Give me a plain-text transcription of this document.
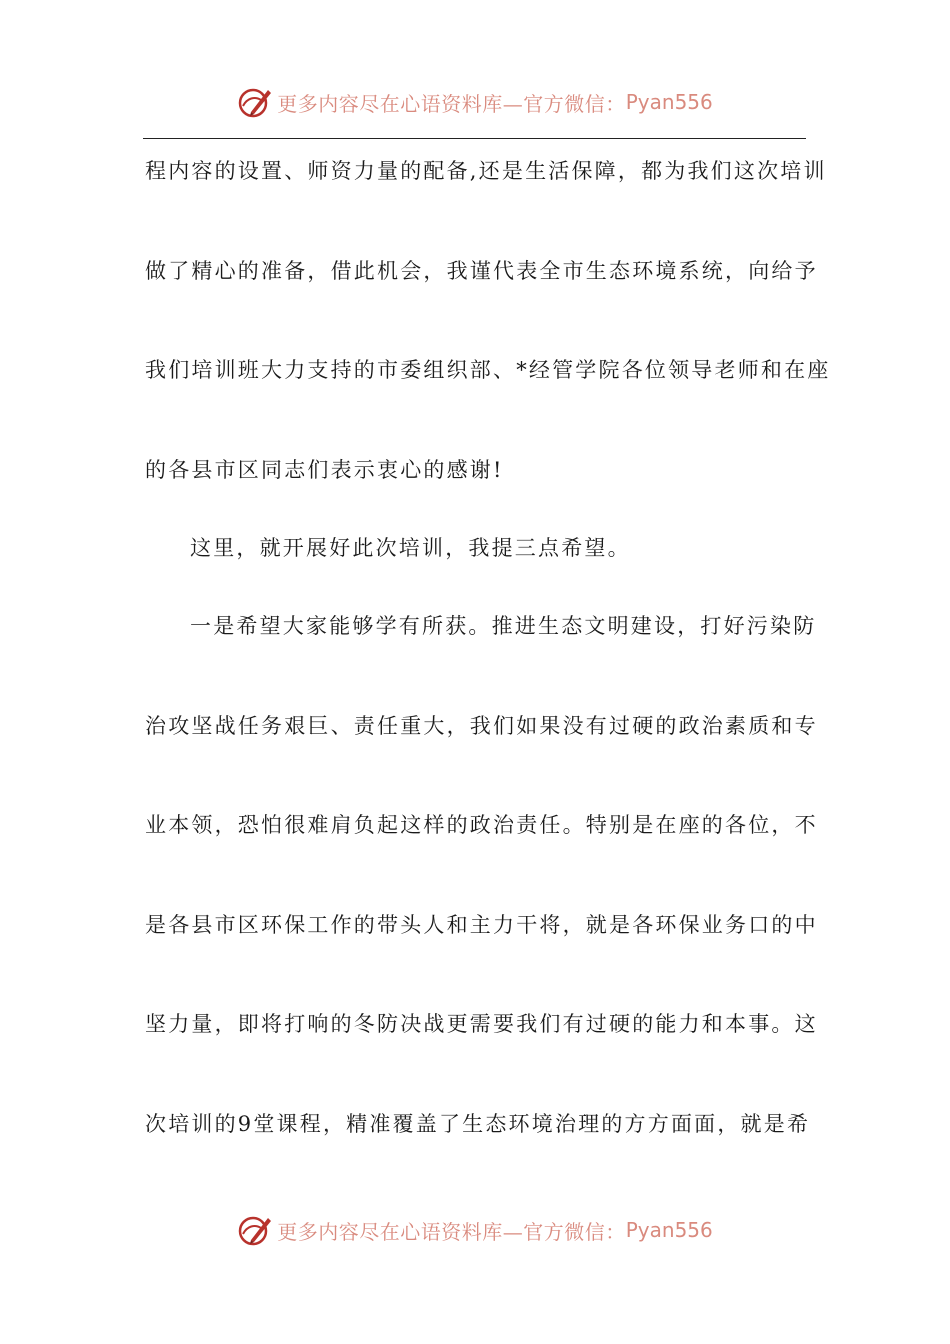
更多内容尽在心语资料库—官方微信： Pyan556
程内容的设置、师资力量的配备,还是生活保障，都为我们这次培训
做了精心的准备，借此机会，我谨代表全市生态环境系统，向给予
我们培训班大力支持的市委组织部、*经管学院各位领导老师和在座
的各县市区同志们表示衷心的感谢!
这里，就开展好此次培训，我提三点希望。
一是希望大家能够学有所获。推进生态文明建设，打好污染防
治攻坚战任务艰巨、责任重大，我们如果没有过硬的政治素质和专
业本领，恐怕很难肩负起这样的政治责任。特别是在座的各位，不
是各县市区环保工作的带头人和主力干将，就是各环保业务口的中
坚力量，即将打响的冬防决战更需要我们有过硬的能力和本事。这
次培训的9堂课程，精准覆盖了生态环境治理的方方面面，就是希
更多内容尽在心语资料库—官方微信： Pyan556
